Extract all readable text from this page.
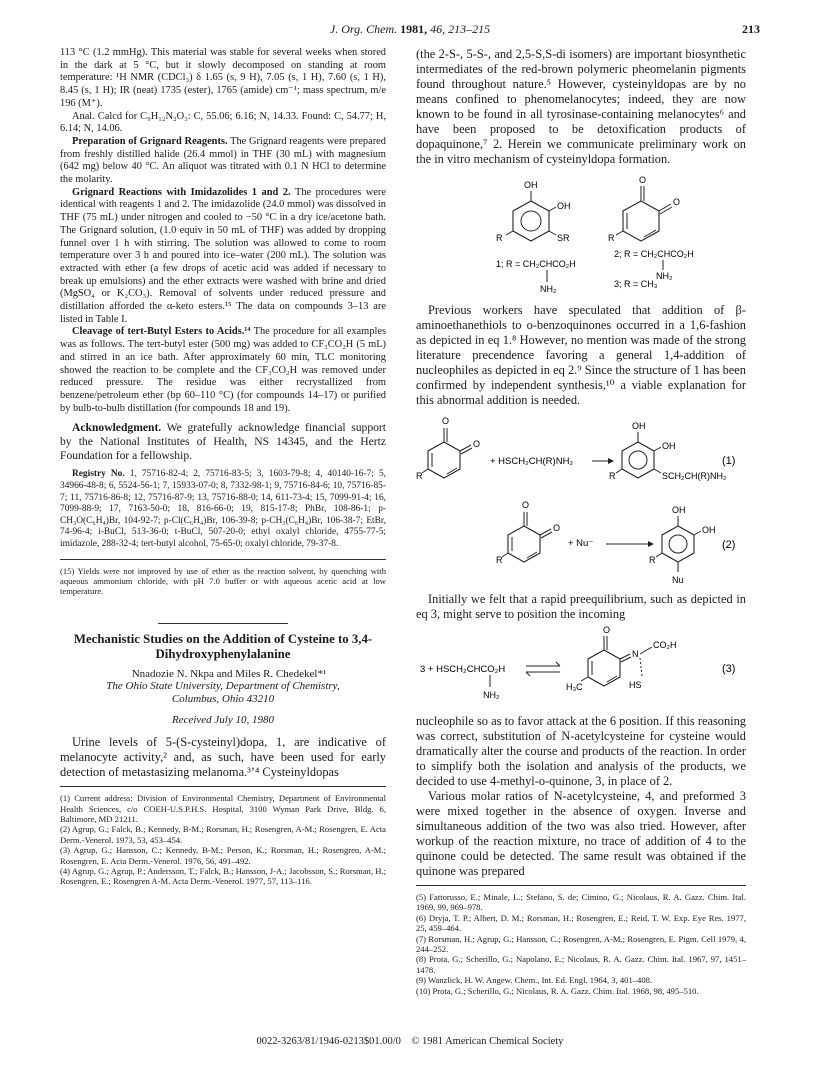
J. Org. Chem. 1981, 46, 213–215	213

113 °C (1.2 mmHg). This material was stable for several weeks when stored in the dark at 5 °C, but it slowly decomposed on standing at room temperature: ¹H NMR (CDCl₃) δ 1.65 (s, 9 H), 7.05 (s, 1 H), 7.60 (s, 1 H), 8.45 (s, 1 H); IR (neat) 1735 (ester), 1765 (amide) cm⁻¹; mass spectrum, m/e 196 (M⁺).

Anal. Calcd for C₉H₁₂N₂O₃: C, 55.06; 6.16; N, 14.33. Found: C, 54.77; H, 6.14; N, 14.06.

Preparation of Grignard Reagents. The Grignard reagents were prepared from freshly distilled halide (26.4 mmol) in THF (30 mL) with magnesium (642 mg) below 40 °C. An aliquot was titrated with 0.1 N HCl to determine the molarity.

Grignard Reactions with Imidazolides 1 and 2. The procedures were identical with reagents 1 and 2. The imidazolide (24.0 mmol) was dissolved in THF (75 mL) under nitrogen and cooled to −50 °C in a dry ice/acetone bath. The Grignard solution, (1.0 equiv in 50 mL of THF) was added by dropping funnel over 1 h with stirring. The solution was allowed to come to room temperature over 3 h and poured into ice–water (200 mL). The solution was extracted with ether (a few drops of acetic acid was added if necessary to break up emulsions) and the ether extracts were washed with brine and dried (MgSO₄ or K₂CO₃). Removal of solvents under reduced pressure and distillation afforded the α-keto esters.¹⁵ The data on compounds 3–13 are listed in Table I.

Cleavage of tert-Butyl Esters to Acids.¹⁴ The procedure for all examples was as follows. The tert-butyl ester (500 mg) was added to CF₃CO₂H (5 mL) and stirred in an ice bath. After approximately 60 min, TLC monitoring showed the reaction to be complete and the CF₃CO₂H was removed under reduced pressure. The residue was either recrystallized from benzene/petroleum ether (bp 60–110 °C) (for compounds 14–17) or purified by bulb-to-bulb distillation (for compounds 18 and 19).

Acknowledgment. We gratefully acknowledge financial support by the National Institutes of Health, NS 14345, and the Hertz Foundation for a fellowship.

Registry No. 1, 75716-82-4; 2, 75716-83-5; 3, 1603-79-8; 4, 40140-16-7; 5, 34966-48-8; 6, 5524-56-1; 7, 15933-07-0; 8, 7332-98-1; 9, 75716-84-6; 10, 75716-85-7; 11, 75716-86-8; 12, 75716-87-9; 13, 75716-88-0; 14, 611-73-4; 15, 7099-91-4; 16, 7099-88-9; 17, 7163-50-0; 18, 816-66-0; 19, 815-17-8; PhBr, 108-86-1; p-CH₃O(C₆H₄)Br, 104-92-7; p-Cl(C₆H₄)Br, 106-39-8; p-CH₃(C₆H₄)Br, 106-38-7; EtBr, 74-96-4; i-BuCl, 513-36-0; t-BuCl, 507-20-0; ethyl oxalyl chloride, 4755-77-5; imidazole, 288-32-4; tert-butyl alcohol, 75-65-0; oxalyl chloride, 79-37-8.

(15) Yields were not improved by use of ether as the reaction solvent, by quenching with aqueous ammonium chloride, with pH 7.0 buffer or with aqueous acetic acid at low temperature.

Mechanistic Studies on the Addition of Cysteine to 3,4-Dihydroxyphenylalanine

Nnadozie N. Nkpa and Miles R. Chedekel*¹

The Ohio State University, Department of Chemistry,
Columbus, Ohio 43210
Received July 10, 1980

Urine levels of 5-(S-cysteinyl)dopa, 1, are indicative of melanocyte activity,² and, as such, have been used for early detection of metastasizing melanoma.³ʼ⁴ Cysteinyldopas

(1) Current address: Division of Environmental Chemistry, Department of Environmental Health Sciences, c/o COEH-U.S.P.H.S. Hospital, 3100 Wyman Park Drive, Bldg. 6, Baltimore, MD 21211.

(2) Agrup, G.; Falck, B.; Kennedy, B-M.; Rorsman, H.; Rosengren, A-M.; Rosengren, E. Acta Derm.-Venerol. 1973, 53, 453–454.

(3) Agrup, G.; Hansson, C.; Kennedy, B-M.; Person, K.; Rorsman, H.; Rosengren, A-M.; Rosengren, E. Acta Derm.-Venerol. 1976, 56, 491–492.

(4) Agrup, G.; Agrup, P.; Andersson, T.; Falck, B.; Hansson, J-A.; Jacobsson, S.; Rorsman, H.; Rosengren, E.; Rosengren A-M. Acta Derm.-Venerol. 1977, 57, 113–116.

(the 2-S-, 5-S-, and 2,5-S,S-di isomers) are important biosynthetic intermediates of the red-brown polymeric pheomelanin pigments found throughout nature.⁵ However, cysteinyldopas are by no means confined to phenomelanocytes; indeed, they are now known to be found in all tyrosinase-containing melanocytes⁶ and have been proposed to be detoxification products of dopaquinone,⁷ 2. Herein we communicate preliminary work on the in vitro mechanism of cysteinyldopa formation.

OH
OH
SR
R
O
O
R
2; R = CH₂CHCO₂H
NH₂
1; R = CH₂CHCO₂H
NH₂	3; R = CH₃

Previous workers have speculated that addition of β-aminoethanethiols to o-benzoquinones occurred in a 1,6-fashion as depicted in eq 1.⁸ However, no mention was made of the strong literature precendence favoring a general 1,4-addition of nucleophiles as depicted in eq 2.⁹ Since the structure of 1 has been confirmed by independent synthesis,¹⁰ a viable explanation for this abnormal addition is needed.

O
O
R
+ HSCH₂CH(R)NH₂
OH
OH
SCH₂CH(R)NH₂
R
(1)
O
O
R
+ Nu⁻
OH
OH
Nu
R
(2)

Initially we felt that a rapid preequilibrium, such as depicted in eq 3, might serve to position the incoming

3 + HSCH₂CHCO₂H
NH₂
O
N
CO₂H
HS
H₃C
(3)

nucleophile so as to favor attack at the 6 position. If this reasoning was correct, substitution of N-acetylcysteine for cysteine would dramatically alter the course and products of the reaction. In order to simplify both the isolation and analysis of the products, we decided to use 4-methyl-o-quinone, 3, in place of 2.

Various molar ratios of N-acetylcysteine, 4, and preformed 3 were mixed together in the absence of oxygen. Inverse and simultaneous addition of the two was also tried. However, after workup of the reaction mixture, no trace of addition of 4 to the quinone could be detected. The same result was obtained if the quinone was prepared

(5) Fattorusso, E.; Minale, L.; Stefano, S. de; Cimino, G.; Nicolaus, R. A. Gazz. Chim. Ital. 1969, 99, 969–978.

(6) Dryja, T. P.; Albert, D. M.; Rorsman, H.; Rosengren, E.; Reid, T. W. Exp. Eye Res. 1977, 25, 459–464.

(7) Rorsman, H.; Agrup, G.; Hansson, C.; Rosengren, A-M.; Rosengren, E. Pigm. Cell 1979, 4, 244–252.

(8) Prota, G.; Scherillo, G.; Napolano, E.; Nicolaus, R. A. Gazz. Chim. Ital. 1967, 97, 1451–1478.

(9) Wanzlick, H. W. Angew. Chem., Int. Ed. Engl. 1964, 3, 401–408.

(10) Prota, G.; Scherillo, G.; Nicolaus, R. A. Gazz. Chim. Ital. 1968, 98, 495–510.

0022-3263/81/1946-0213$01.00/0 © 1981 American Chemical Society
